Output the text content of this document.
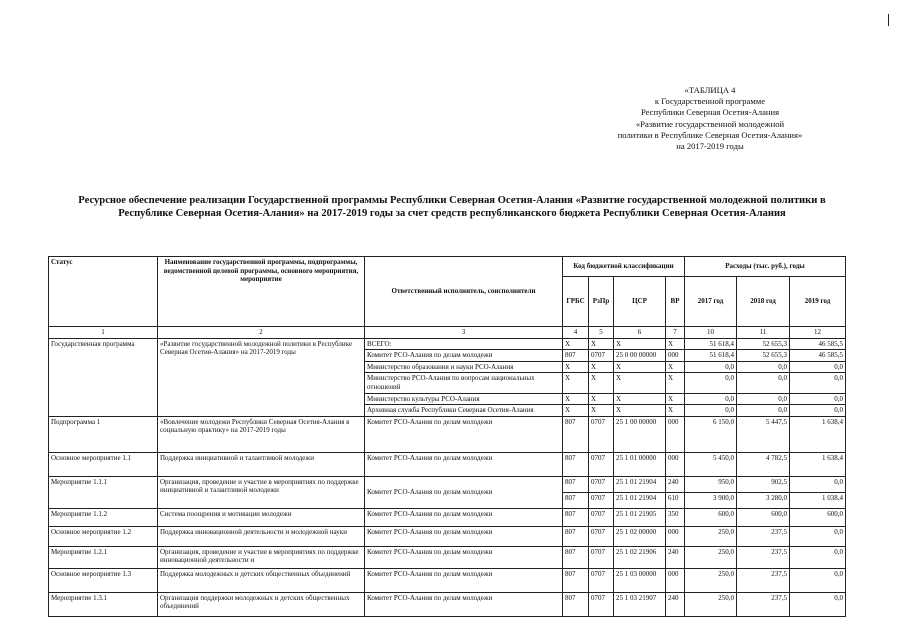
«ТАБЛИЦА 4
к Государственной программе
Республики Северная Осетия-Алания
«Развитие государственной молодежной
политики в Республике Северная Осетия-Алания»
на 2017-2019 годы
Ресурсное обеспечение реализации Государственной программы Республики Северная Осетия-Алания «Развитие государственной молодежной политики в Республике Северная Осетия-Алания» на 2017-2019 годы за счет средств республиканского бюджета Республики Северная Осетия-Алания
Статус	Наименование государственной программы, подпрограммы, ведомственной целевой программы, основного мероприятия, мероприятие	Ответственный исполнитель, соисполнители	Код бюджетной классификации				Расходы (тыс. руб.), годы		
			ГРБС	РзПр	ЦСР	ВР	2017 год	2018 год	2019 год
1	2	3	4	5	6	7	10	11	12
Государственная программа	«Развитие государственной молодежной политики в Республике Северная Осетия-Алания» на 2017-2019 годы	ВСЕГО:	Х	Х	Х	Х	51 618,4	52 655,3	46 585,5
		Комитет РСО-Алания по делам молодежи	807	0707	25 0 00 00000	000	51 618,4	52 655,3	46 585,5
		Министерство образования и науки РСО-Алания	Х	Х	Х	Х	0,0	0,0	0,0
		Министерство РСО-Алания по вопросам национальных отношений	Х	Х	Х	Х	0,0	0,0	0,0
		Министерство культуры РСО-Алания	Х	Х	Х	Х	0,0	0,0	0,0
		Архивная служба Республики Северная Осетия-Алания	Х	Х	Х	Х	0,0	0,0	0,0
Подпрограмма 1	«Вовлечение молодежи Республики Северная Осетия-Алания в социальную практику» на 2017-2019 годы	Комитет РСО-Алания по делам молодежи	807	0707	25 1 00 00000	000	6 150,0	5 447,5	1 638,4
Основное мероприятие 1.1	Поддержка инициативной и талантливой молодежи	Комитет РСО-Алания по делам молодежи	807	0707	25 1 01 00000	000	5 450,0	4 782,5	1 638,4
Мероприятие 1.1.1	Организация, проведение и участие в мероприятиях по поддержке инициативной и талантливой молодежи	Комитет РСО-Алания по делам молодежи	807	0707	25 1 01 21904	240	950,0	902,5	0,0
			807	0707	25 1 01 21904	610	3 900,0	3 280,0	1 038,4
Мероприятие 1.1.2	Система поощрения и мотивации молодежи	Комитет РСО-Алания по делам молодежи	807	0707	25 1 01 21905	350	600,0	600,0	600,0
Основное мероприятие 1.2	Поддержка инновационной деятельности и молодежной науки	Комитет РСО-Алания по делам молодежи	807	0707	25 1 02 00000	000	250,0	237,5	0,0
Мероприятие 1.2.1	Организация, проведение и участие в мероприятиях по поддержке инновационной деятельности и	Комитет РСО-Алания по делам молодежи	807	0707	25 1 02 21906	240	250,0	237,5	0,0
Основное мероприятие 1.3	Поддержка молодежных и детских общественных объединений	Комитет РСО-Алания по делам молодежи	807	0707	25 1 03 00000	000	250,0	237,5	0,0
Мероприятие 1.3.1	Организация поддержки молодежных и детских общественных объединений	Комитет РСО-Алания по делам молодежи	807	0707	25 1 03 21907	240	250,0	237,5	0,0
